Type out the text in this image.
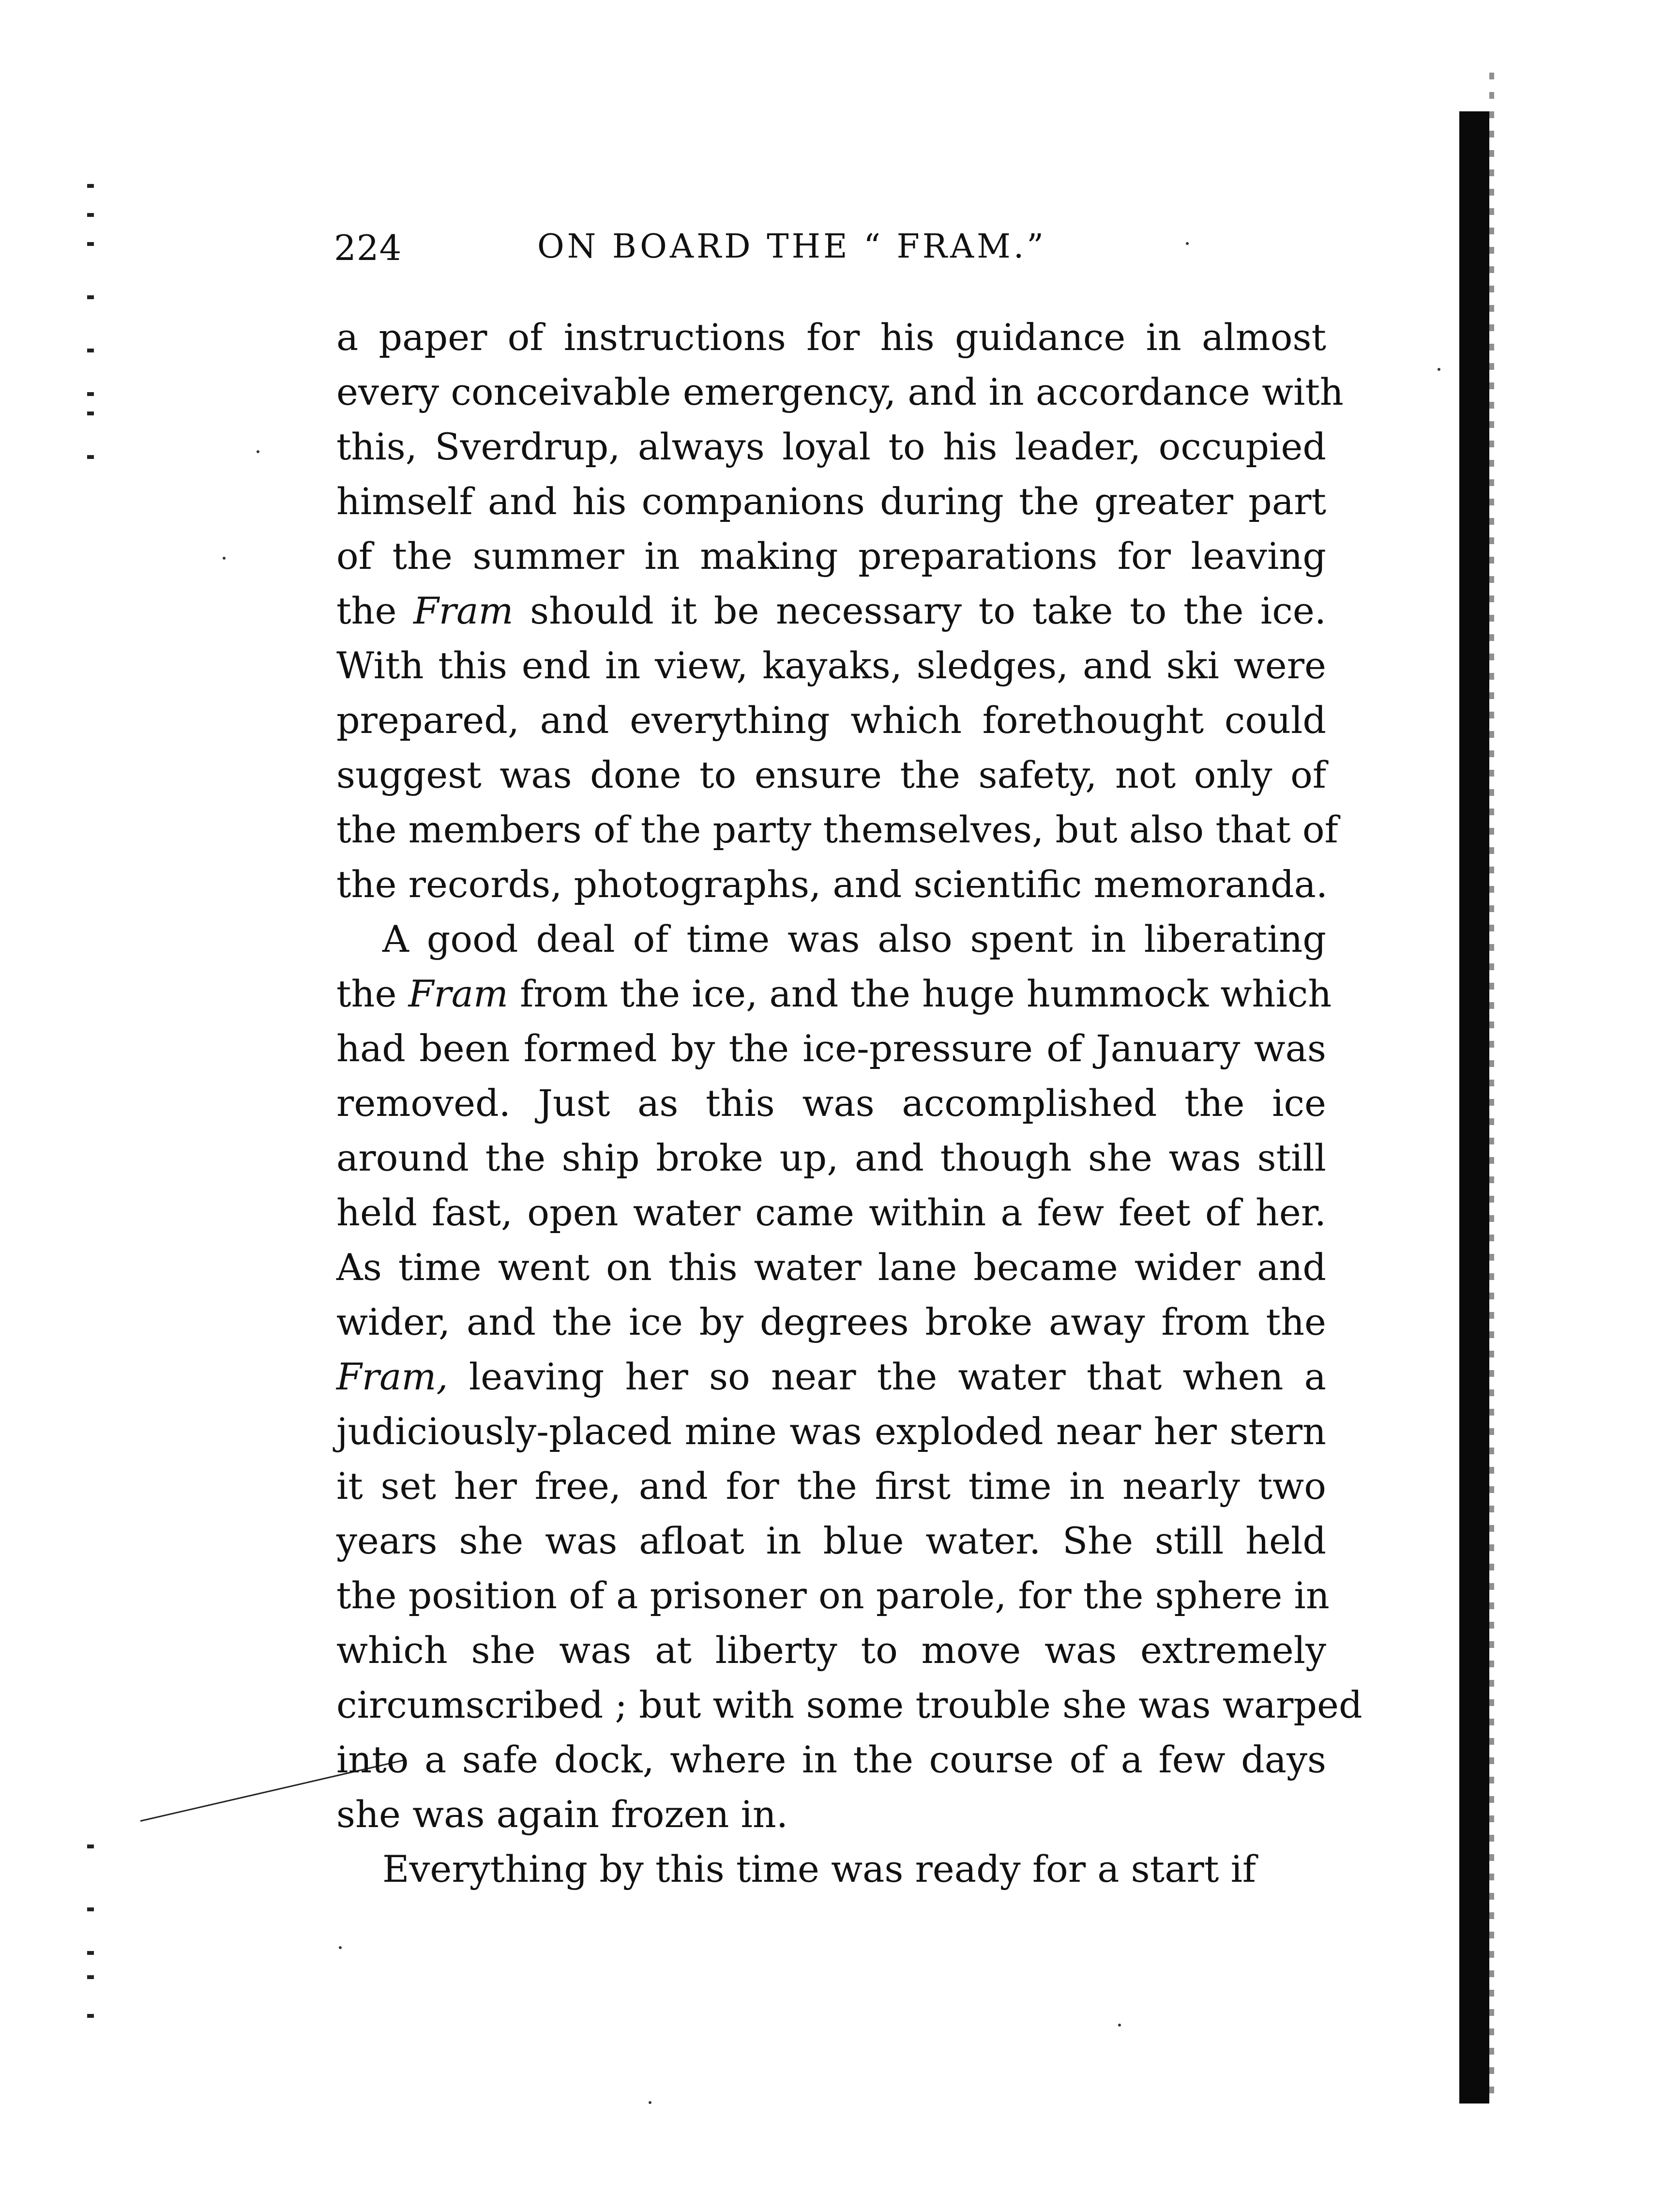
224	ON BOARD THE “ FRAM.”
a paper of instructions for his guidance in almost
every conceivable emergency, and in accordance with
this, Sverdrup, always loyal to his leader, occupied
himself and his companions during the greater part
of the summer in making preparations for leaving
the Fram should it be necessary to take to the ice.
With this end in view, kayaks, sledges, and ski were
prepared, and everything which forethought could
suggest was done to ensure the safety, not only of
the members of the party themselves, but also that of
the records, photographs, and scientific memoranda.
A good deal of time was also spent in liberating
the Fram from the ice, and the huge hummock which
had been formed by the ice-pressure of January was
removed. Just as this was accomplished the ice
around the ship broke up, and though she was still
held fast, open water came within a few feet of her.
As time went on this water lane became wider and
wider, and the ice by degrees broke away from the
Fram, leaving her so near the water that when a
judiciously-placed mine was exploded near her stern
it set her free, and for the first time in nearly two
years she was afloat in blue water. She still held
the position of a prisoner on parole, for the sphere in
which she was at liberty to move was extremely
circumscribed ; but with some trouble she was warped
into a safe dock, where in the course of a few days
she was again frozen in.
Everything by this time was ready for a start if
